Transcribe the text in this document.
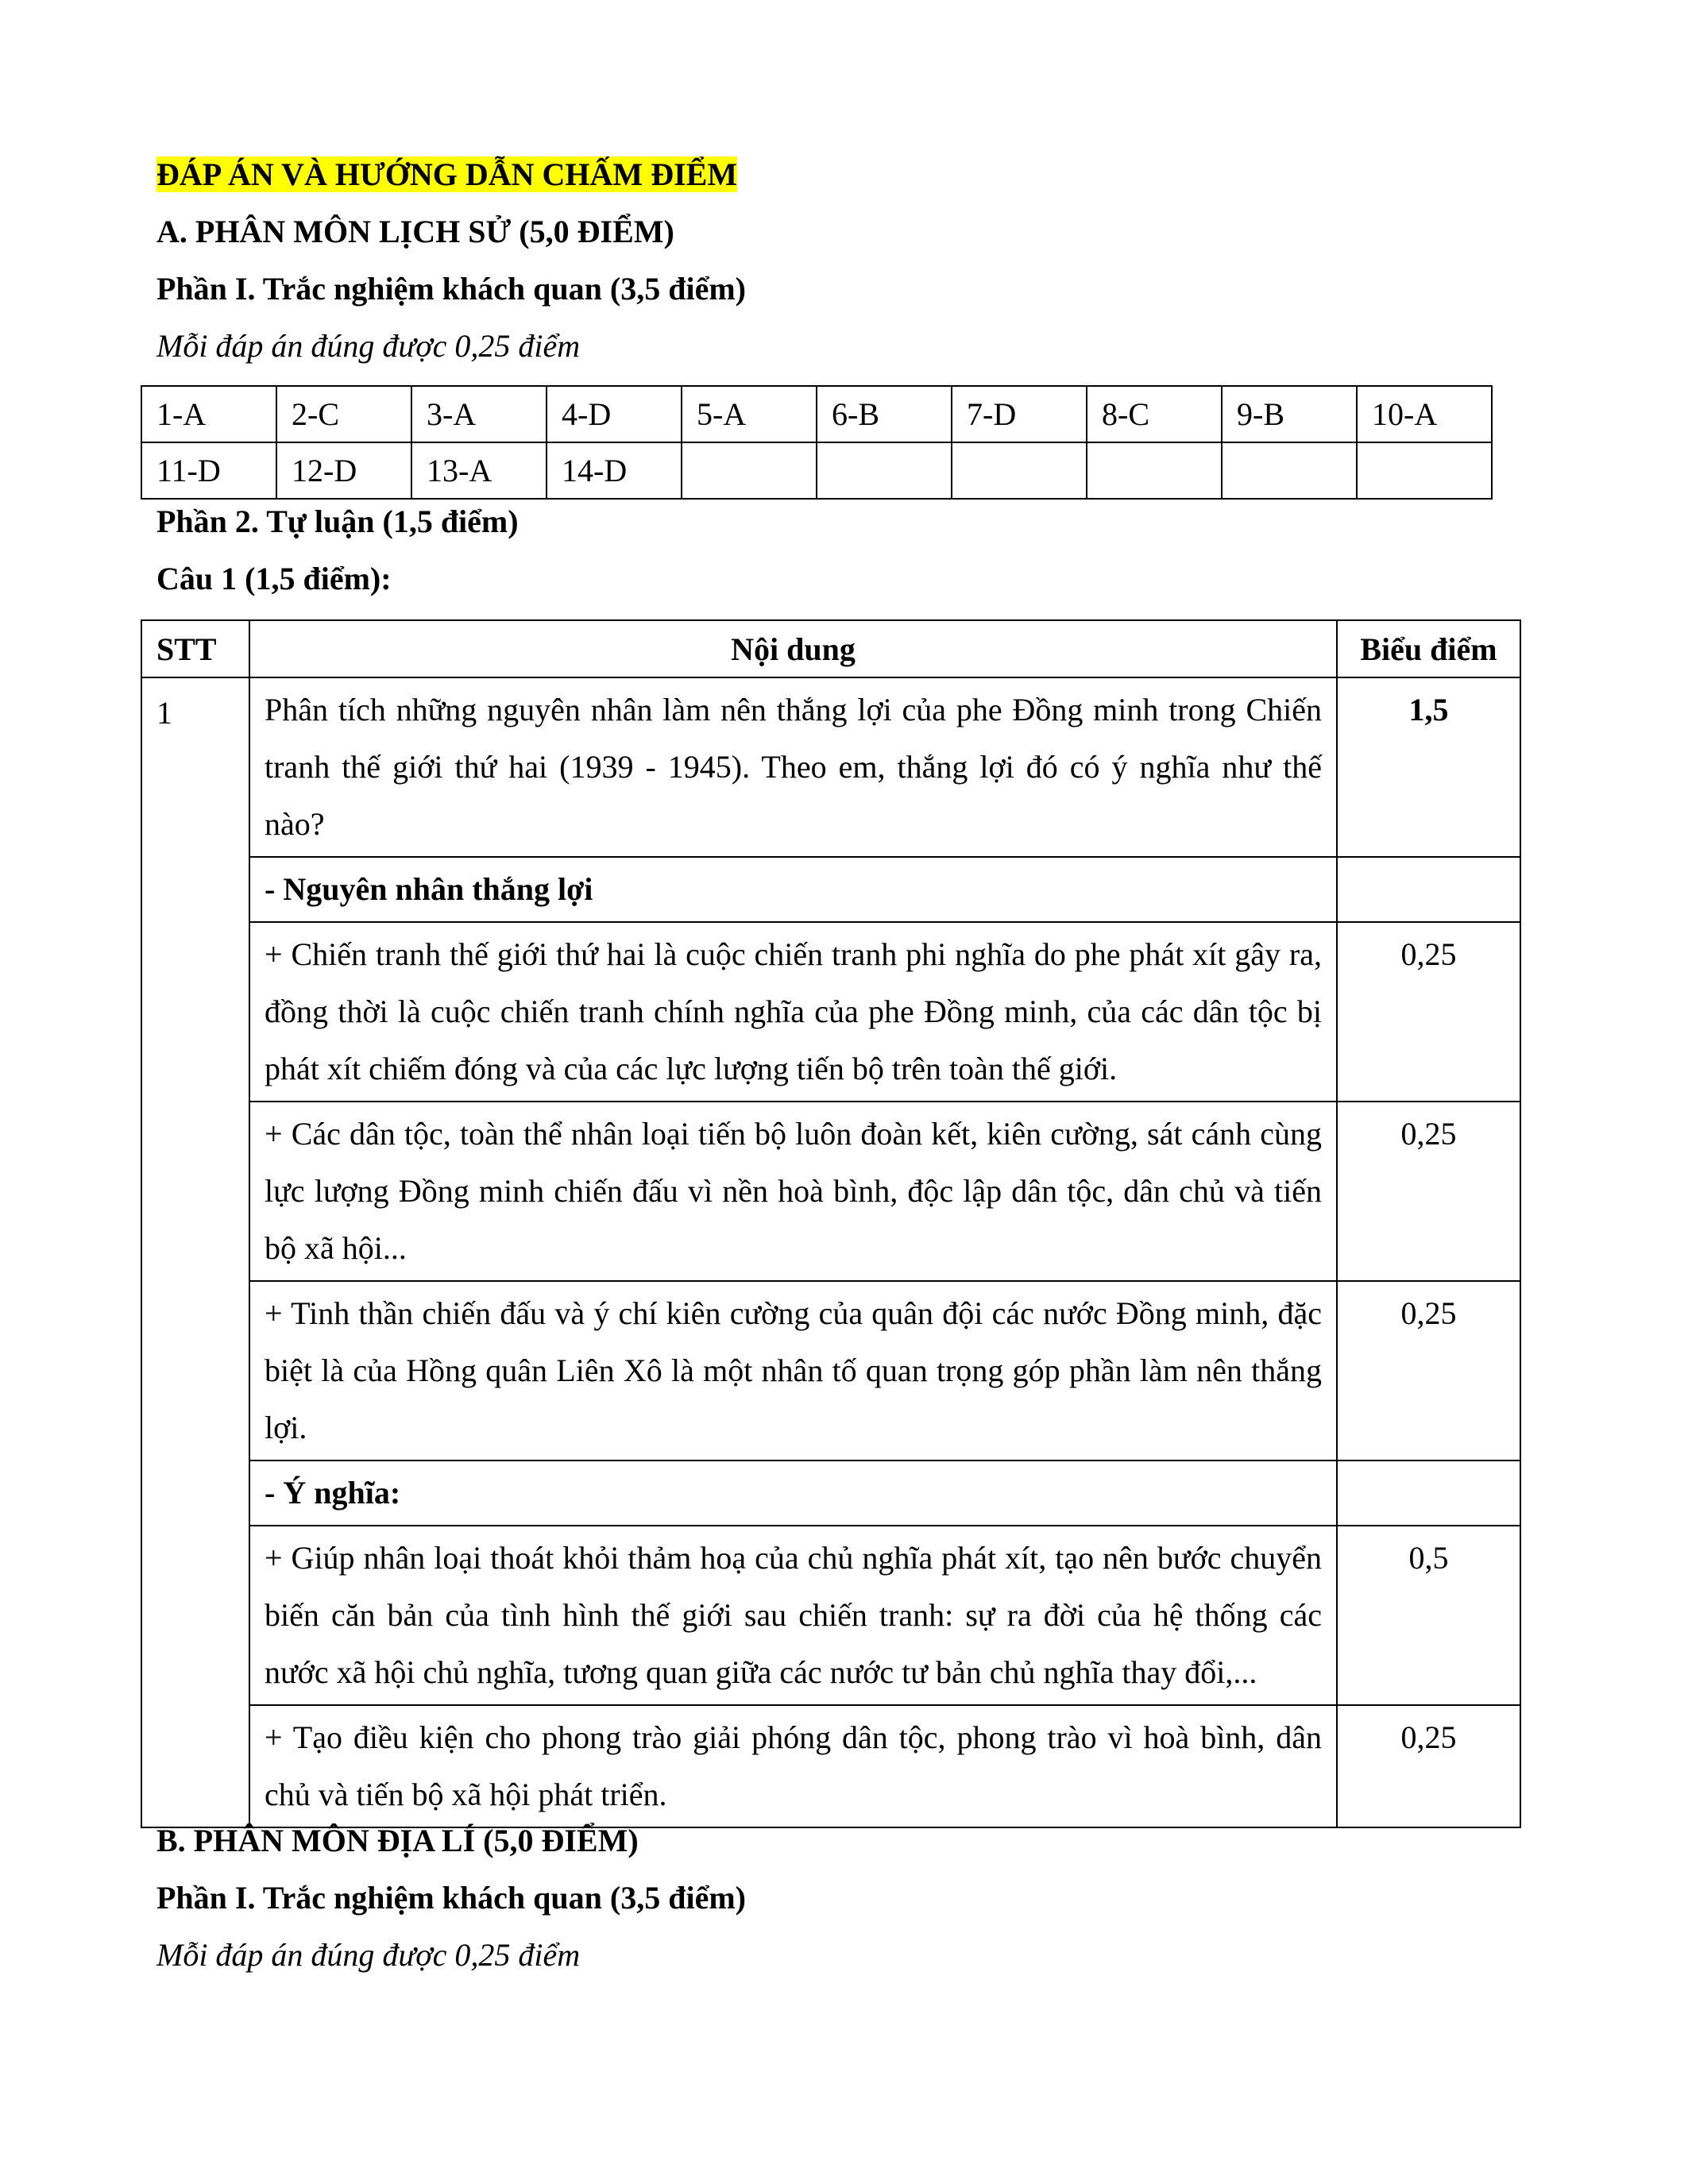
ĐÁP ÁN VÀ HƯỚNG DẪN CHẤM ĐIỂM
A. PHÂN MÔN LỊCH SỬ (5,0 ĐIỂM)
Phần I. Trắc nghiệm khách quan (3,5 điểm)
Mỗi đáp án đúng được 0,25 điểm
1-A	2-C	3-A	4-D	5-A	6-B	7-D	8-C	9-B	10-A
11-D	12-D	13-A	14-D						
Phần 2. Tự luận (1,5 điểm)
Câu 1 (1,5 điểm):
STT	Nội dung	Biểu điểm
1	Phân tích những nguyên nhân làm nên thắng lợi của phe Đồng minh trong Chiến tranh thế giới thứ hai (1939 - 1945). Theo em, thắng lợi đó có ý nghĩa như thế nào?	1,5
	- Nguyên nhân thắng lợi	
	+ Chiến tranh thế giới thứ hai là cuộc chiến tranh phi nghĩa do phe phát xít gây ra, đồng thời là cuộc chiến tranh chính nghĩa của phe Đồng minh, của các dân tộc bị phát xít chiếm đóng và của các lực lượng tiến bộ trên toàn thế giới.	0,25
	+ Các dân tộc, toàn thể nhân loại tiến bộ luôn đoàn kết, kiên cường, sát cánh cùng lực lượng Đồng minh chiến đấu vì nền hoà bình, độc lập dân tộc, dân chủ và tiến bộ xã hội...	0,25
	+ Tinh thần chiến đấu và ý chí kiên cường của quân đội các nước Đồng minh, đặc biệt là của Hồng quân Liên Xô là một nhân tố quan trọng góp phần làm nên thắng lợi.	0,25
	- Ý nghĩa:	
	+ Giúp nhân loại thoát khỏi thảm hoạ của chủ nghĩa phát xít, tạo nên bước chuyển biến căn bản của tình hình thế giới sau chiến tranh: sự ra đời của hệ thống các nước xã hội chủ nghĩa, tương quan giữa các nước tư bản chủ nghĩa thay đổi,...	0,5
	+ Tạo điều kiện cho phong trào giải phóng dân tộc, phong trào vì hoà bình, dân chủ và tiến bộ xã hội phát triển.	0,25
B. PHÂN MÔN ĐỊA LÍ (5,0 ĐIỂM)
Phần I. Trắc nghiệm khách quan (3,5 điểm)
Mỗi đáp án đúng được 0,25 điểm
